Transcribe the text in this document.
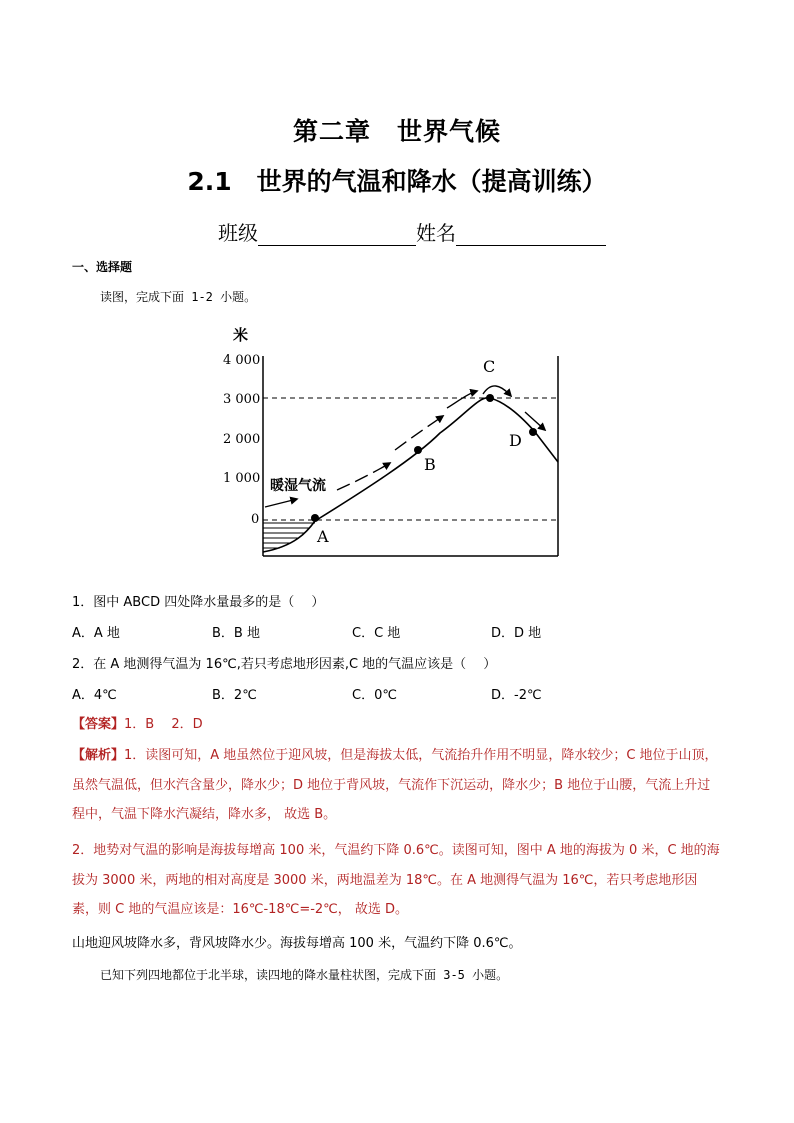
第二章　世界气候
2.1　世界的气温和降水（提高训练）
班级	姓名
一、选择题
读图，完成下面 1-2 小题。
米
4 000
3 000
2 000
1 000
0
暖湿气流
A
B
C
D
1．图中 ABCD 四处降水量最多的是（　 ）
A．A 地	B．B 地	C．C 地	D．D 地
2．在 A 地测得气温为 16℃,若只考虑地形因素,C 地的气温应该是（　 ）
A．4℃	B．2℃	C．0℃	D．-2℃
【答案】1．B　 2．D
【解析】1．读图可知，A 地虽然位于迎风坡，但是海拔太低，气流抬升作用不明显，降水较少；C 地位于山顶，虽然气温低，但水汽含量少，降水少；D 地位于背风坡，气流作下沉运动，降水少；B 地位于山腰，气流上升过程中，气温下降水汽凝结，降水多， 故选 B。
2．地势对气温的影响是海拔每增高 100 米，气温约下降 0.6℃。读图可知，图中 A 地的海拔为 0 米，C 地的海拔为 3000 米，两地的相对高度是 3000 米，两地温差为 18℃。在 A 地测得气温为 16℃，若只考虑地形因素，则 C 地的气温应该是：16℃-18℃=-2℃， 故选 D。
山地迎风坡降水多，背风坡降水少。海拔每增高 100 米，气温约下降 0.6℃。
已知下列四地都位于北半球，读四地的降水量柱状图，完成下面 3-5 小题。
